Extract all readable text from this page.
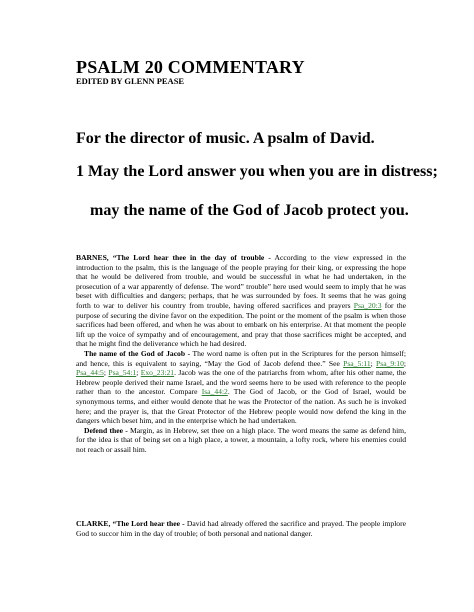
PSALM 20 COMMENTARY

EDITED BY GLENN PEASE

For the director of music. A psalm of David.

1 May the Lord answer you when you are in distress;

may the name of the God of Jacob protect you.

BARNES, “The Lord hear thee in the day of trouble - According to the view expressed in the introduction to the psalm, this is the language of the people praying for their king, or expressing the hope that he would be delivered from trouble, and would be successful in what he had undertaken, in the prosecution of a war apparently of defense. The word” trouble” here used would seem to imply that he was beset with difficulties and dangers; perhaps, that he was surrounded by foes. It seems that he was going forth to war to deliver his country from trouble, having offered sacrifices and prayers Psa_20:3 for the purpose of securing the divine favor on the expedition. The point or the moment of the psalm is when those sacrifices had been offered, and when he was about to embark on his enterprise. At that moment the people lift up the voice of sympathy and of encouragement, and pray that those sacrifices might be accepted, and that he might find the deliverance which he had desired.

The name of the God of Jacob - The word name is often put in the Scriptures for the person himself; and hence, this is equivalent to saying, “May the God of Jacob defend thee.” See Psa_5:11; Psa_9:10; Psa_44:5; Psa_54:1; Exo_23:21. Jacob was the one of the patriarchs from whom, after his other name, the Hebrew people derived their name Israel, and the word seems here to be used with reference to the people rather than to the ancestor. Compare Isa_44:2. The God of Jacob, or the God of Israel, would be synonymous terms, and either would denote that he was the Protector of the nation. As such he is invoked here; and the prayer is, that the Great Protector of the Hebrew people would now defend the king in the dangers which beset him, and in the enterprise which he had undertaken.

Defend thee - Margin, as in Hebrew, set thee on a high place. The word means the same as defend him, for the idea is that of being set on a high place, a tower, a mountain, a lofty rock, where his enemies could not reach or assail him.

CLARKE, “The Lord hear thee - David had already offered the sacrifice and prayed. The people implore God to succor him in the day of trouble; of both personal and national danger.
